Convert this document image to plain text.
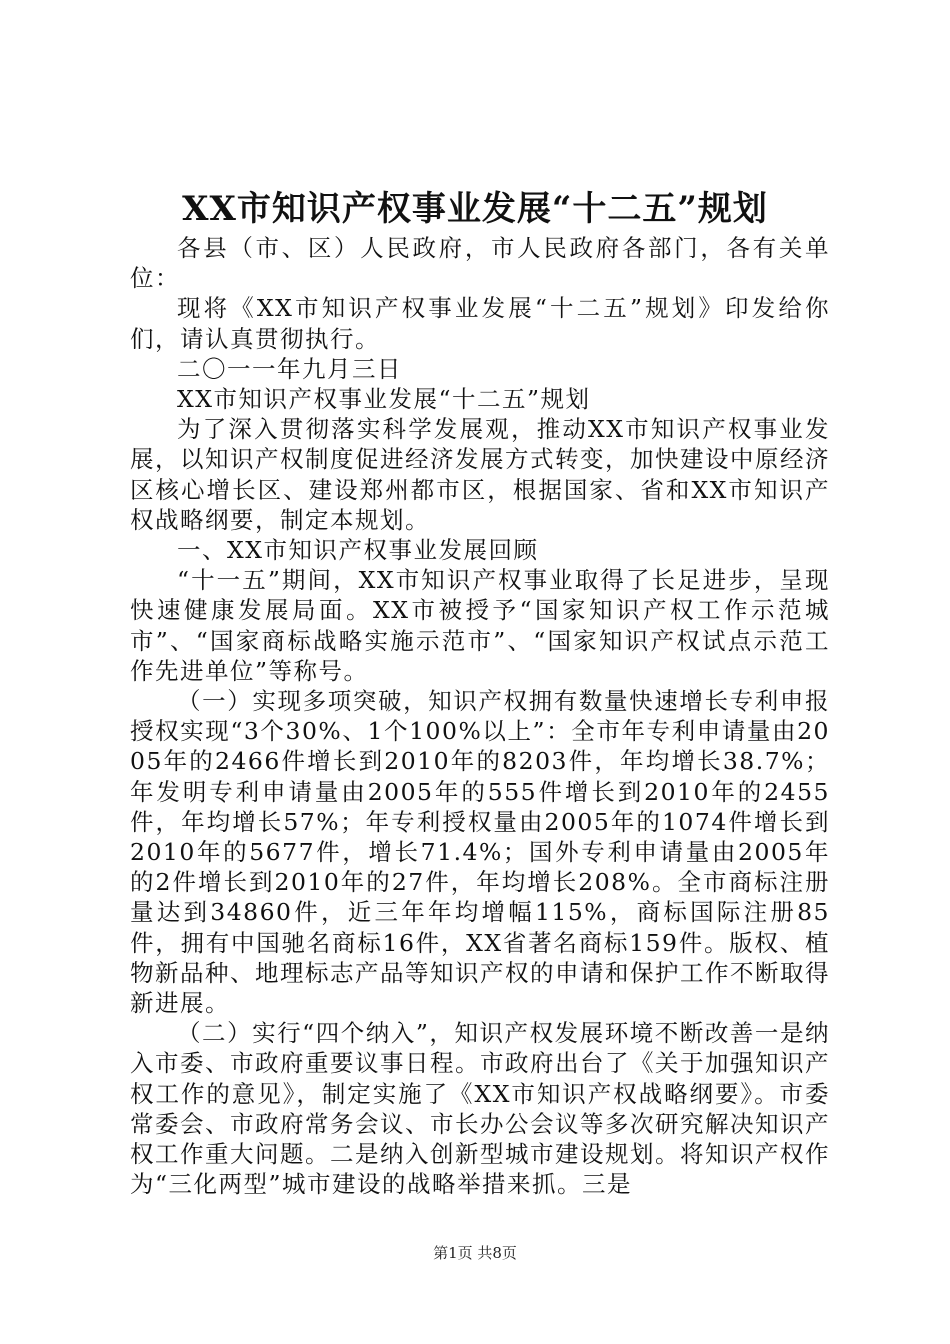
XX市知识产权事业发展“十二五”规划

各县（市、区）人民政府，市人民政府各部门，各有关单位：

现将《XX市知识产权事业发展“十二五”规划》印发给你们，请认真贯彻执行。

二〇一一年九月三日

XX市知识产权事业发展“十二五”规划

为了深入贯彻落实科学发展观，推动XX市知识产权事业发展，以知识产权制度促进经济发展方式转变，加快建设中原经济区核心增长区、建设郑州都市区，根据国家、省和XX市知识产权战略纲要，制定本规划。

一、XX市知识产权事业发展回顾

“十一五”期间，XX市知识产权事业取得了长足进步，呈现快速健康发展局面。XX市被授予“国家知识产权工作示范城市”、“国家商标战略实施示范市”、“国家知识产权试点示范工作先进单位”等称号。

（一）实现多项突破，知识产权拥有数量快速增长专利申报授权实现“3个30%、1个100%以上”：全市年专利申请量由2005年的2466件增长到2010年的8203件，年均增长38.7%；年发明专利申请量由2005年的555件增长到2010年的2455件，年均增长57%；年专利授权量由2005年的1074件增长到2010年的5677件，增长71.4%；国外专利申请量由2005年的2件增长到2010年的27件，年均增长208%。全市商标注册量达到34860件，近三年年均增幅115%，商标国际注册85件，拥有中国驰名商标16件，XX省著名商标159件。版权、植物新品种、地理标志产品等知识产权的申请和保护工作不断取得新进展。

（二）实行“四个纳入”，知识产权发展环境不断改善一是纳入市委、市政府重要议事日程。市政府出台了《关于加强知识产权工作的意见》，制定实施了《XX市知识产权战略纲要》。市委常委会、市政府常务会议、市长办公会议等多次研究解决知识产权工作重大问题。二是纳入创新型城市建设规划。将知识产权作为“三化两型”城市建设的战略举措来抓。三是

第1页 共8页
